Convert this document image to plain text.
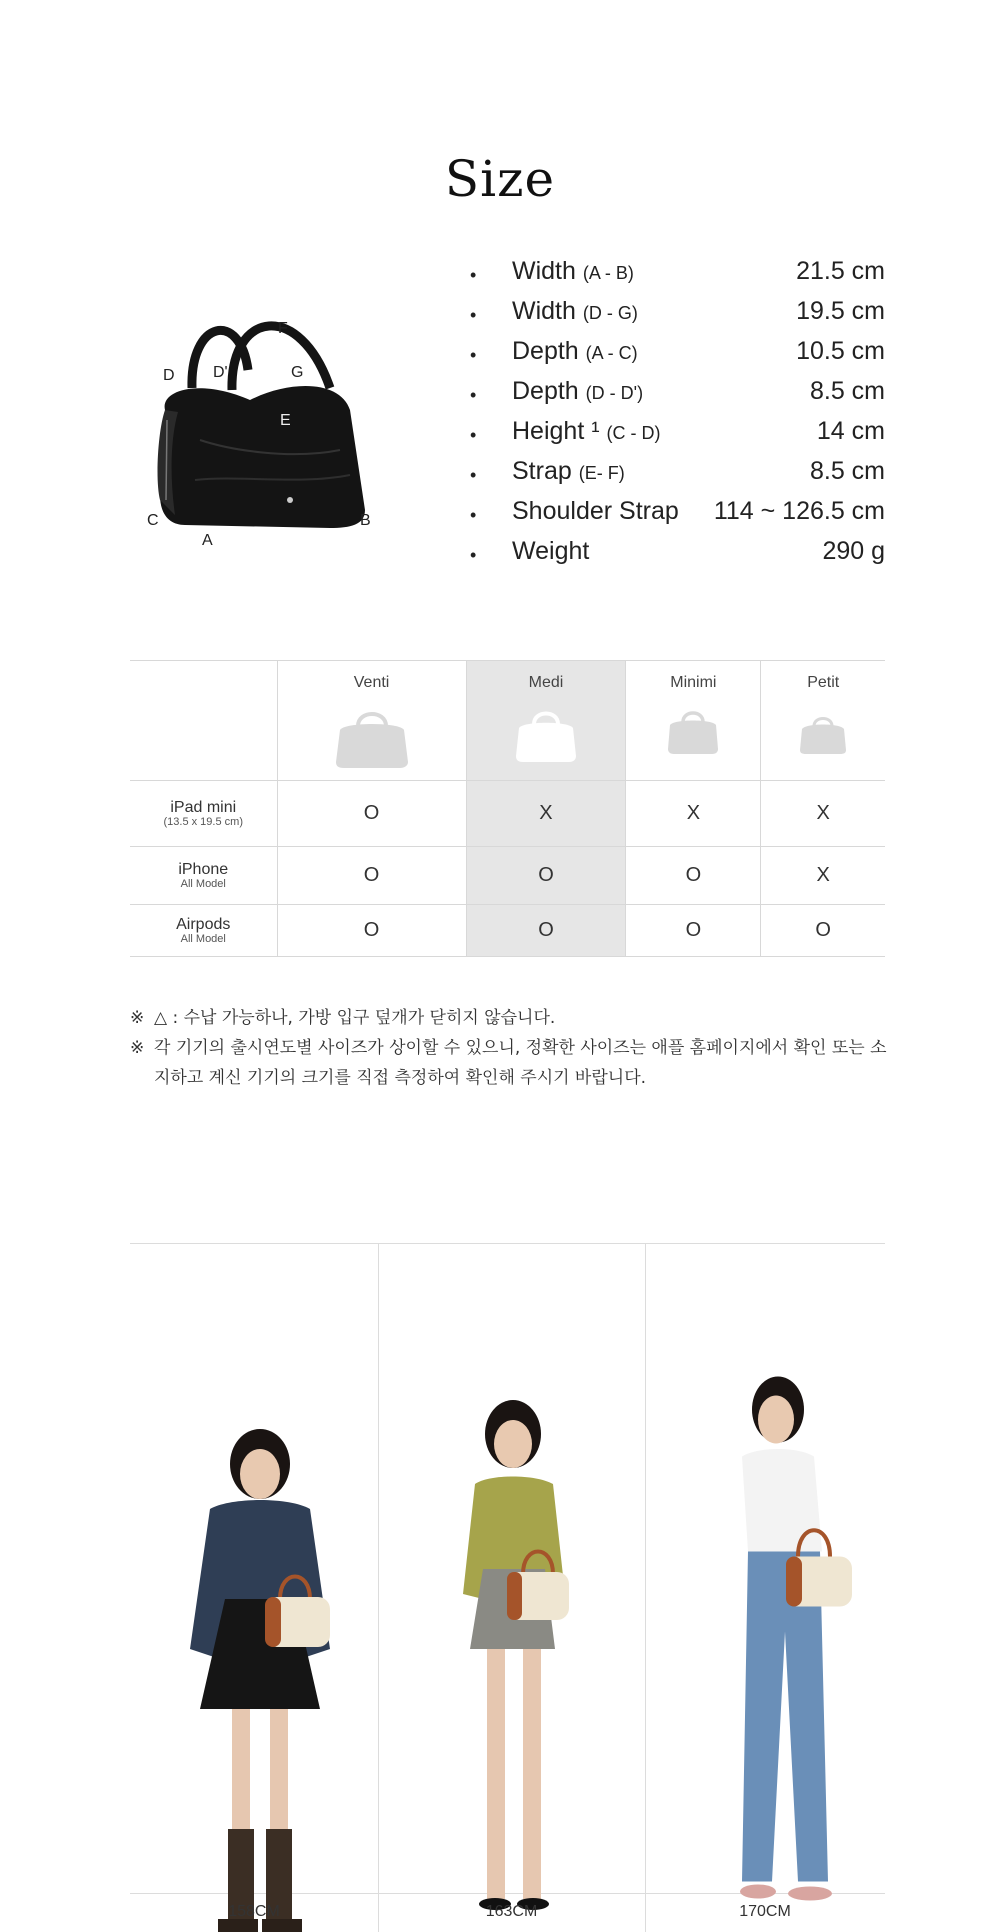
Size
F
D D'	G
E
C
A
B
• Width (A - B)	21.5 cm
• Width (D - G)	19.5 cm
• Depth (A - C)	10.5 cm
• Depth (D - D')	8.5 cm
• Height ¹ (C - D)	14 cm
• Strap (E- F)	8.5 cm
• Shoulder Strap 114 ~ 126.5 cm
• Weight	290 g
	Venti	Medi	Minimi	Petit

iPad mini
(13.5 x 19.5 cm)	O	X	X	X
iPhone
All Model	O	O	O	X
Airpods
All Model	O	O	O	O
※ △ : 수납 가능하나, 가방 입구 덮개가 닫히지 않습니다.
※ 각 기기의 출시연도별 사이즈가 상이할 수 있으니, 정확한 사이즈는 애플 홈페이지에서 확인 또는 소지하고 계신 기기의 크기를 직접 측정하여 확인해 주시기 바랍니다.
158CM	163CM	170CM
